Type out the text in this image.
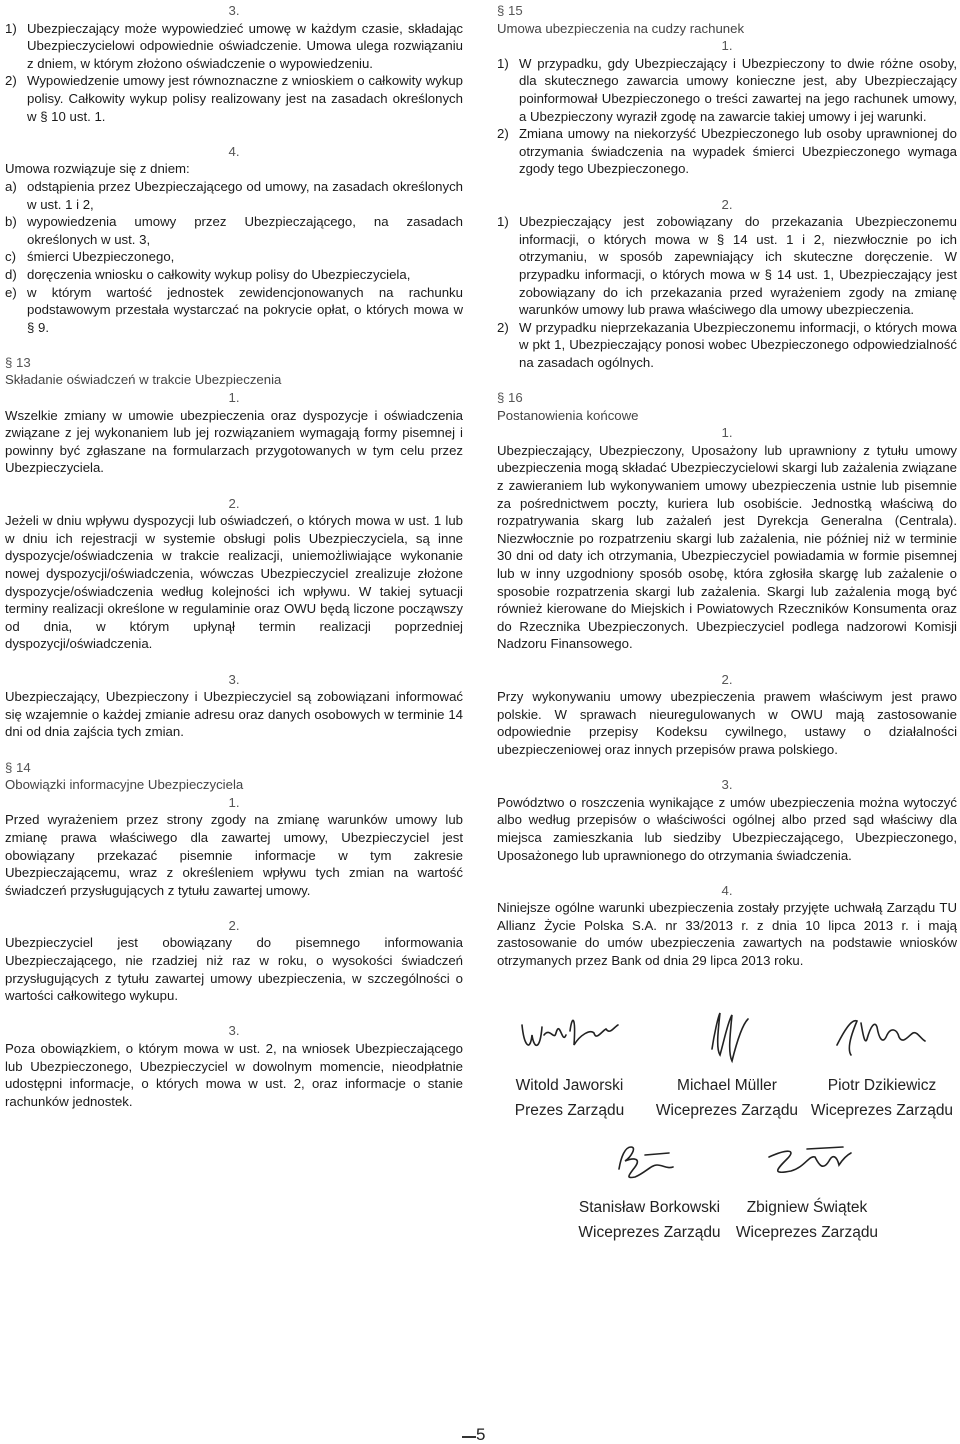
3.
1) Ubezpieczający może wypowiedzieć umowę w każdym czasie, składając Ubezpieczycielowi odpowiednie oświadczenie. Umowa ulega rozwiązaniu z dniem, w którym złożono oświadczenie o wypowiedzeniu.
2) Wypowiedzenie umowy jest równoznaczne z wnioskiem o całkowity wykup polisy. Całkowity wykup polisy realizowany jest na zasadach określonych w § 10 ust. 1.
4.
Umowa rozwiązuje się z dniem:
a) odstąpienia przez Ubezpieczającego od umowy, na zasadach określonych w ust. 1 i 2,
b) wypowiedzenia umowy przez Ubezpieczającego, na zasadach określonych w ust. 3,
c) śmierci Ubezpieczonego,
d) doręczenia wniosku o całkowity wykup polisy do Ubezpieczyciela,
e) w którym wartość jednostek zewidencjonowanych na rachunku podstawowym przestała wystarczać na pokrycie opłat, o których mowa w § 9.
§ 13
Składanie oświadczeń w trakcie Ubezpieczenia
1.
Wszelkie zmiany w umowie ubezpieczenia oraz dyspozycje i oświadczenia związane z jej wykonaniem lub jej rozwiązaniem wymagają formy pisemnej i powinny być zgłaszane na formularzach przygotowanych w tym celu przez Ubezpieczyciela.
2.
Jeżeli w dniu wpływu dyspozycji lub oświadczeń, o których mowa w ust. 1 lub w dniu ich rejestracji w systemie obsługi polis Ubezpieczyciela, są inne dyspozycje/oświadczenia w trakcie realizacji, uniemożliwiające wykonanie nowej dyspozycji/oświadczenia, wówczas Ubezpieczyciel zrealizuje złożone dyspozycje/oświadczenia według kolejności ich wpływu. W takiej sytuacji terminy realizacji określone w regulaminie oraz OWU będą liczone począwszy od dnia, w którym upłynął termin realizacji poprzedniej dyspozycji/oświadczenia.
3.
Ubezpieczający, Ubezpieczony i Ubezpieczyciel są zobowiązani informować się wzajemnie o każdej zmianie adresu oraz danych osobowych w terminie 14 dni od dnia zajścia tych zmian.
§ 14
Obowiązki informacyjne Ubezpieczyciela
1.
Przed wyrażeniem przez strony zgody na zmianę warunków umowy lub zmianę prawa właściwego dla zawartej umowy, Ubezpieczyciel jest obowiązany przekazać pisemnie informacje w tym zakresie Ubezpieczającemu, wraz z określeniem wpływu tych zmian na wartość świadczeń przysługujących z tytułu zawartej umowy.
2.
Ubezpieczyciel jest obowiązany do pisemnego informowania Ubezpieczającego, nie rzadziej niż raz w roku, o wysokości świadczeń przysługujących z tytułu zawartej umowy ubezpieczenia, w szczególności o wartości całkowitego wykupu.
3.
Poza obowiązkiem, o którym mowa w ust. 2, na wniosek Ubezpieczającego lub Ubezpieczonego, Ubezpieczyciel w dowolnym momencie, nieodpłatnie udostępni informacje, o których mowa w ust. 2, oraz informacje o stanie rachunków jednostek.
§ 15
Umowa ubezpieczenia na cudzy rachunek
1.
1) W przypadku, gdy Ubezpieczający i Ubezpieczony to dwie różne osoby, dla skutecznego zawarcia umowy konieczne jest, aby Ubezpieczający poinformował Ubezpieczonego o treści zawartej na jego rachunek umowy, a Ubezpieczony wyraził zgodę na zawarcie takiej umowy i jej warunki.
2) Zmiana umowy na niekorzyść Ubezpieczonego lub osoby uprawnionej do otrzymania świadczenia na wypadek śmierci Ubezpieczonego wymaga zgody tego Ubezpieczonego.
2.
1) Ubezpieczający jest zobowiązany do przekazania Ubezpieczonemu informacji, o których mowa w § 14 ust. 1 i 2, niezwłocznie po ich otrzymaniu, w sposób zapewniający ich skuteczne doręczenie. W przypadku informacji, o których mowa w § 14 ust. 1, Ubezpieczający jest zobowiązany do ich przekazania przed wyrażeniem zgody na zmianę warunków umowy lub prawa właściwego dla umowy ubezpieczenia.
2) W przypadku nieprzekazania Ubezpieczonemu informacji, o których mowa w pkt 1, Ubezpieczający ponosi wobec Ubezpieczonego odpowiedzialność na zasadach ogólnych.
§ 16
Postanowienia końcowe
1.
Ubezpieczający, Ubezpieczony, Uposażony lub uprawniony z tytułu umowy ubezpieczenia mogą składać Ubezpieczycielowi skargi lub zażalenia związane z zawieraniem lub wykonywaniem umowy ubezpieczenia ustnie lub pisemnie za pośrednictwem poczty, kuriera lub osobiście. Jednostką właściwą do rozpatrywania skarg lub zażaleń jest Dyrekcja Generalna (Centrala). Niezwłocznie po rozpatrzeniu skargi lub zażalenia, nie później niż w terminie 30 dni od daty ich otrzymania, Ubezpieczyciel powiadamia w formie pisemnej lub w inny uzgodniony sposób osobę, która zgłosiła skargę lub zażalenie o sposobie rozpatrzenia skargi lub zażalenia. Skargi lub zażalenia mogą być również kierowane do Miejskich i Powiatowych Rzeczników Konsumenta oraz do Rzecznika Ubezpieczonych. Ubezpieczyciel podlega nadzorowi Komisji Nadzoru Finansowego.
2.
Przy wykonywaniu umowy ubezpieczenia prawem właściwym jest prawo polskie. W sprawach nieuregulowanych w OWU mają zastosowanie odpowiednie przepisy Kodeksu cywilnego, ustawy o działalności ubezpieczeniowej oraz innych przepisów prawa polskiego.
3.
Powództwo o roszczenia wynikające z umów ubezpieczenia można wytoczyć albo według przepisów o właściwości ogólnej albo przed sąd właściwy dla miejsca zamieszkania lub siedziby Ubezpieczającego, Ubezpieczonego, Uposażonego lub uprawnionego do otrzymania świadczenia.
4.
Niniejsze ogólne warunki ubezpieczenia zostały przyjęte uchwałą Zarządu TU Allianz Życie Polska S.A. nr 33/2013 r. z dnia 10 lipca 2013 r. i mają zastosowanie do umów ubezpieczenia zawartych na podstawie wniosków otrzymanych przez Bank od dnia 29 lipca 2013 roku.
Witold Jaworski
Prezes Zarządu
Michael Müller
Wiceprezes Zarządu
Piotr Dzikiewicz
Wiceprezes Zarządu
Stanisław Borkowski
Wiceprezes Zarządu
Zbigniew Świątek
Wiceprezes Zarządu
5
